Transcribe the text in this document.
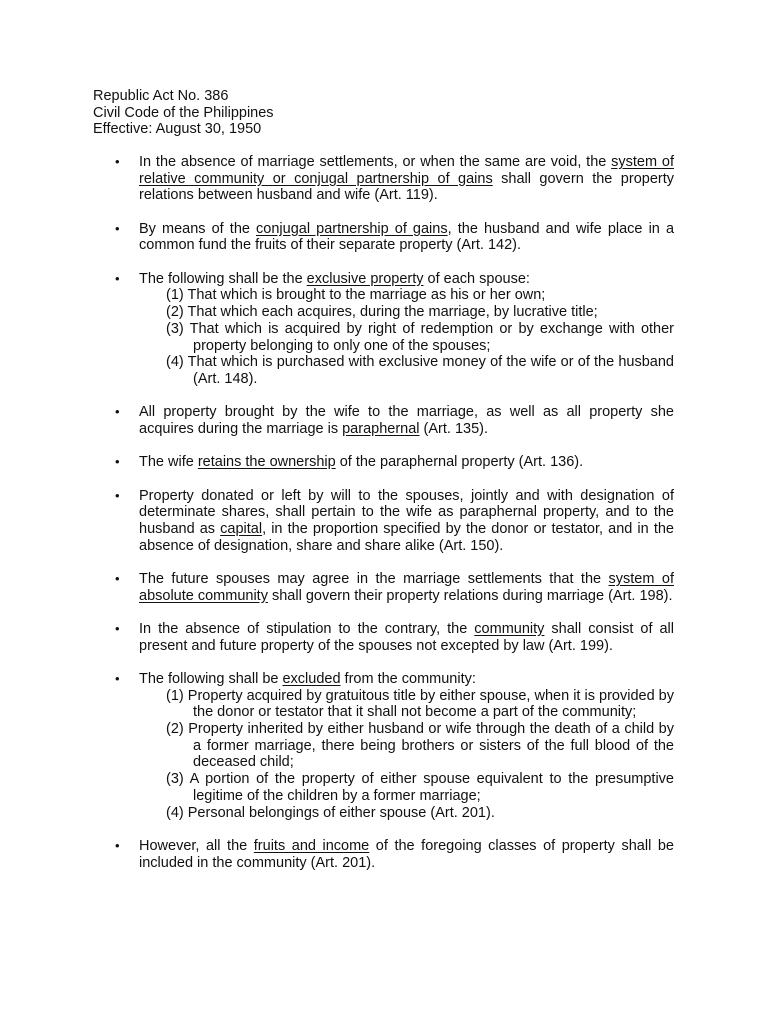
Republic Act No. 386
Civil Code of the Philippines
Effective: August 30, 1950
•	In the absence of marriage settlements, or when the same are void, the system of relative community or conjugal partnership of gains shall govern the property relations between husband and wife (Art. 119).
•	By means of the conjugal partnership of gains, the husband and wife place in a common fund the fruits of their separate property (Art. 142).
•	The following shall be the exclusive property of each spouse:
(1) That which is brought to the marriage as his or her own;
(2) That which each acquires, during the marriage, by lucrative title;
(3) That which is acquired by right of redemption or by exchange with other property belonging to only one of the spouses;
(4) That which is purchased with exclusive money of the wife or of the husband (Art. 148).
•	All property brought by the wife to the marriage, as well as all property she acquires during the marriage is paraphernal (Art. 135).
•	The wife retains the ownership of the paraphernal property (Art. 136).
•	Property donated or left by will to the spouses, jointly and with designation of determinate shares, shall pertain to the wife as paraphernal property, and to the husband as capital, in the proportion specified by the donor or testator, and in the absence of designation, share and share alike (Art. 150).
•	The future spouses may agree in the marriage settlements that the system of absolute community shall govern their property relations during marriage (Art. 198).
•	In the absence of stipulation to the contrary, the community shall consist of all present and future property of the spouses not excepted by law (Art. 199).
•	The following shall be excluded from the community:
(1) Property acquired by gratuitous title by either spouse, when it is provided by the donor or testator that it shall not become a part of the community;
(2) Property inherited by either husband or wife through the death of a child by a former marriage, there being brothers or sisters of the full blood of the deceased child;
(3) A portion of the property of either spouse equivalent to the presumptive legitime of the children by a former marriage;
(4) Personal belongings of either spouse (Art. 201).
•	However, all the fruits and income of the foregoing classes of property shall be included in the community (Art. 201).
